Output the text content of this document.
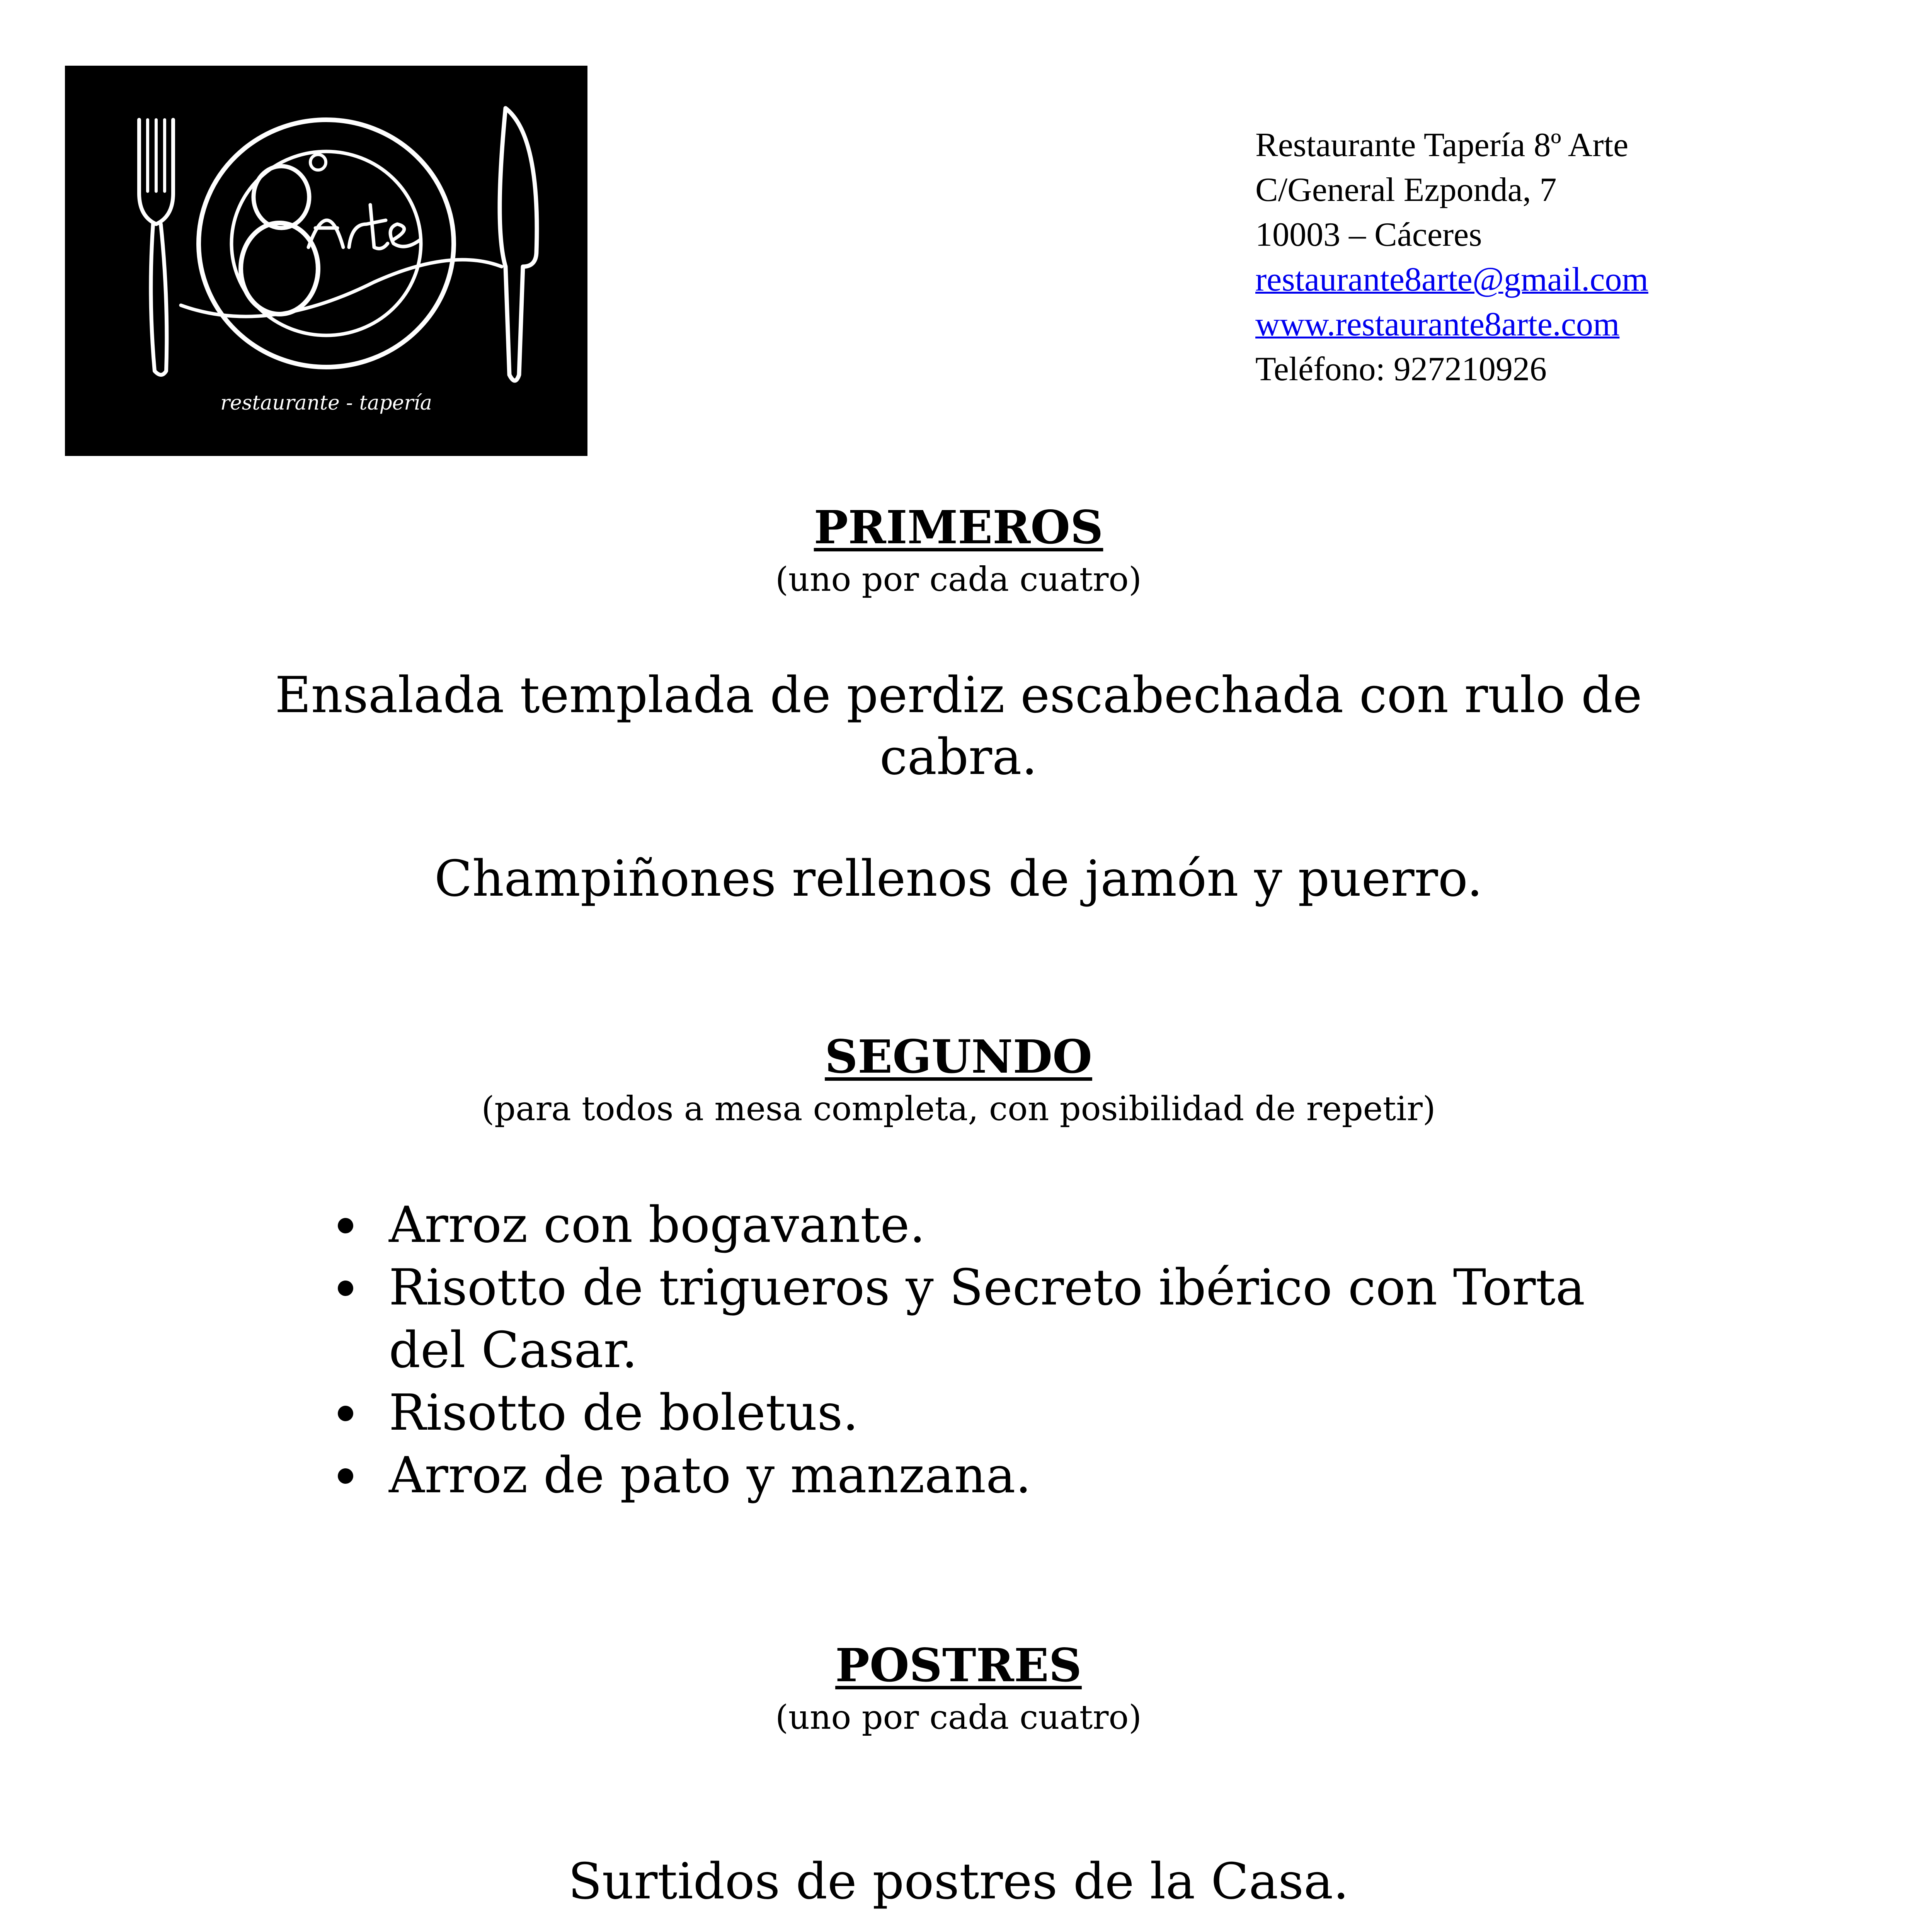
restaurante - tapería
Restaurante Tapería 8º Arte
C/General Ezponda, 7
10003 – Cáceres
restaurante8arte@gmail.com
www.restaurante8arte.com
Teléfono: 927210926
PRIMEROS
(uno por cada cuatro)
Ensalada templada de perdiz escabechada con rulo de cabra.
Champiñones rellenos de jamón y puerro.
SEGUNDO
(para todos a mesa completa, con posibilidad de repetir)
Arroz con bogavante.
Risotto de trigueros y Secreto ibérico con Torta del Casar.
Risotto de boletus.
Arroz de pato y manzana.
POSTRES
(uno por cada cuatro)
Surtidos de postres de la Casa.
